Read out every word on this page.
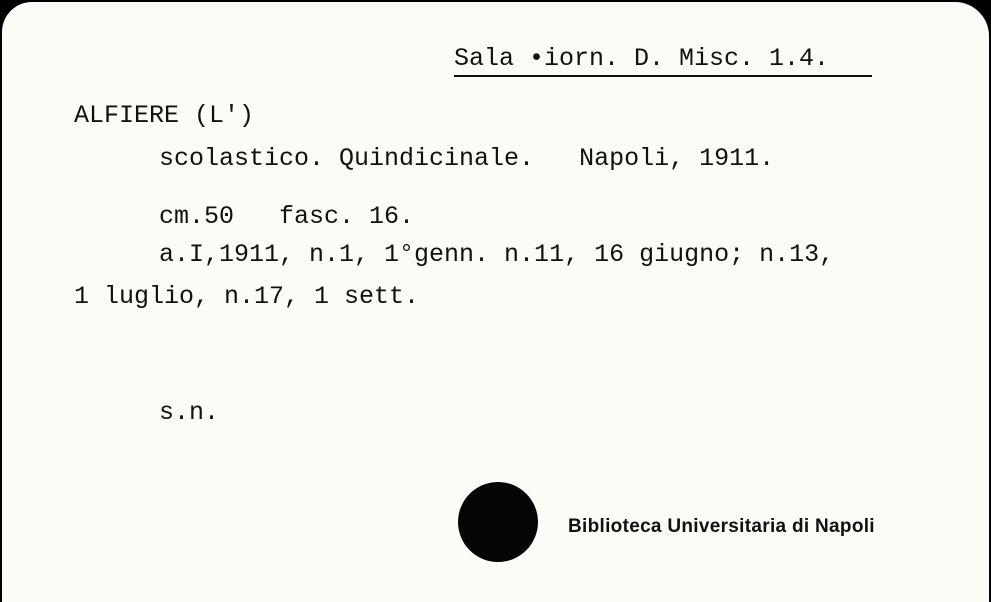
Sala •iorn. D. Misc. 1.4.
ALFIERE (L')
scolastico. Quindicinale.   Napoli, 1911.
cm.50   fasc. 16.
a.I,1911, n.1, 1°genn. n.11, 16 giugno; n.13,
1 luglio, n.17, 1 sett.
s.n.
Biblioteca Universitaria di Napoli
